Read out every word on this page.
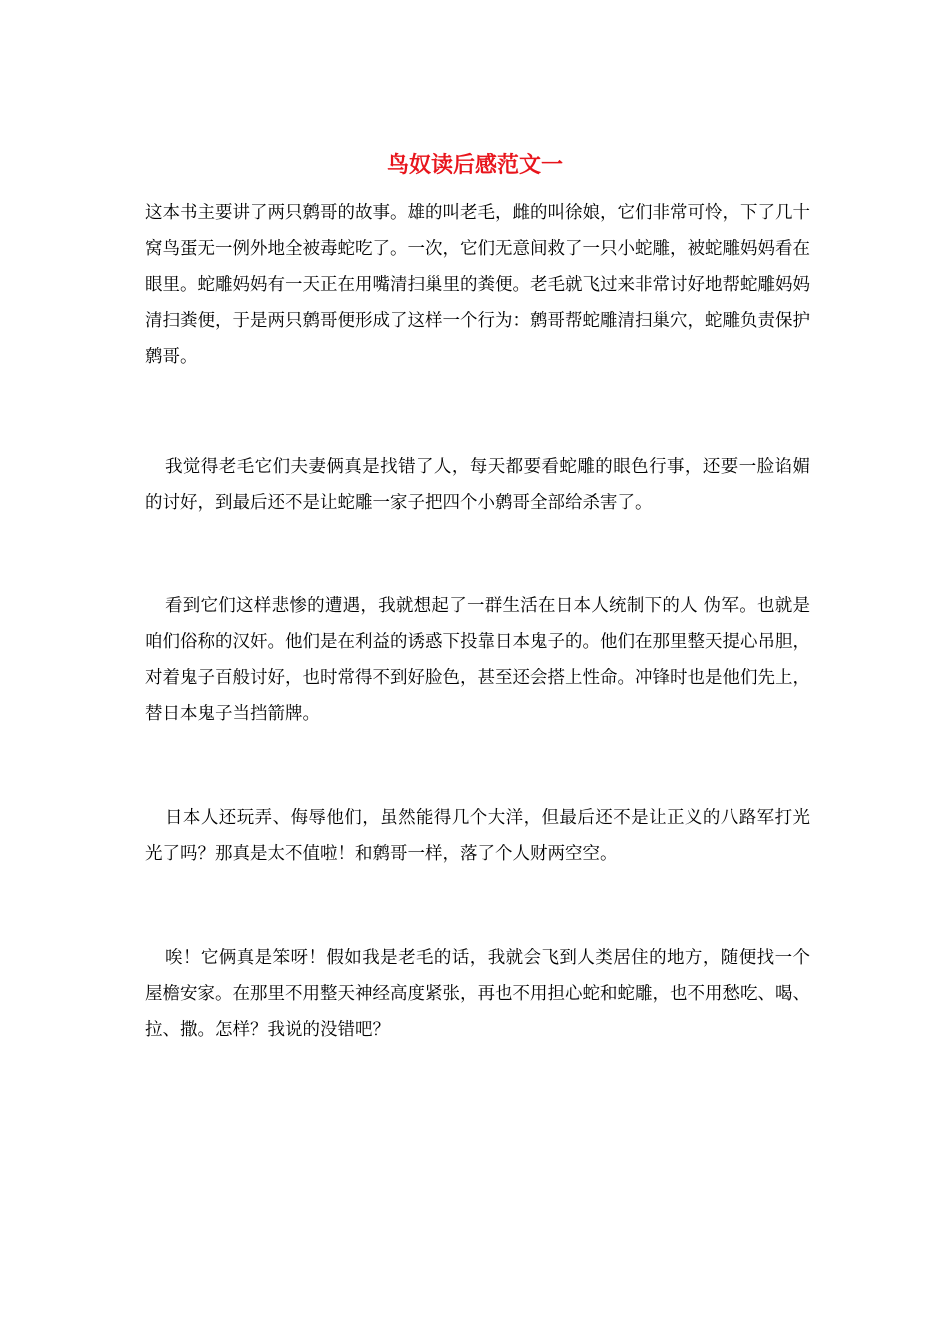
鸟奴读后感范文一

这本书主要讲了两只鹩哥的故事。雄的叫老毛，雌的叫徐娘，它们非常可怜，下了几十窝鸟蛋无一例外地全被毒蛇吃了。一次，它们无意间救了一只小蛇雕，被蛇雕妈妈看在眼里。蛇雕妈妈有一天正在用嘴清扫巢里的粪便。老毛就飞过来非常讨好地帮蛇雕妈妈清扫粪便，于是两只鹩哥便形成了这样一个行为：鹩哥帮蛇雕清扫巢穴，蛇雕负责保护鹩哥。

我觉得老毛它们夫妻俩真是找错了人，每天都要看蛇雕的眼色行事，还要一脸谄媚的讨好，到最后还不是让蛇雕一家子把四个小鹩哥全部给杀害了。

看到它们这样悲惨的遭遇，我就想起了一群生活在日本人统制下的人 伪军。也就是咱们俗称的汉奸。他们是在利益的诱惑下投靠日本鬼子的。他们在那里整天提心吊胆，对着鬼子百般讨好，也时常得不到好脸色，甚至还会搭上性命。冲锋时也是他们先上，替日本鬼子当挡箭牌。

日本人还玩弄、侮辱他们，虽然能得几个大洋，但最后还不是让正义的八路军打光光了吗？那真是太不值啦！和鹩哥一样，落了个人财两空空。

唉！它俩真是笨呀！假如我是老毛的话，我就会飞到人类居住的地方，随便找一个屋檐安家。在那里不用整天神经高度紧张，再也不用担心蛇和蛇雕，也不用愁吃、喝、拉、撒。怎样？我说的没错吧？
